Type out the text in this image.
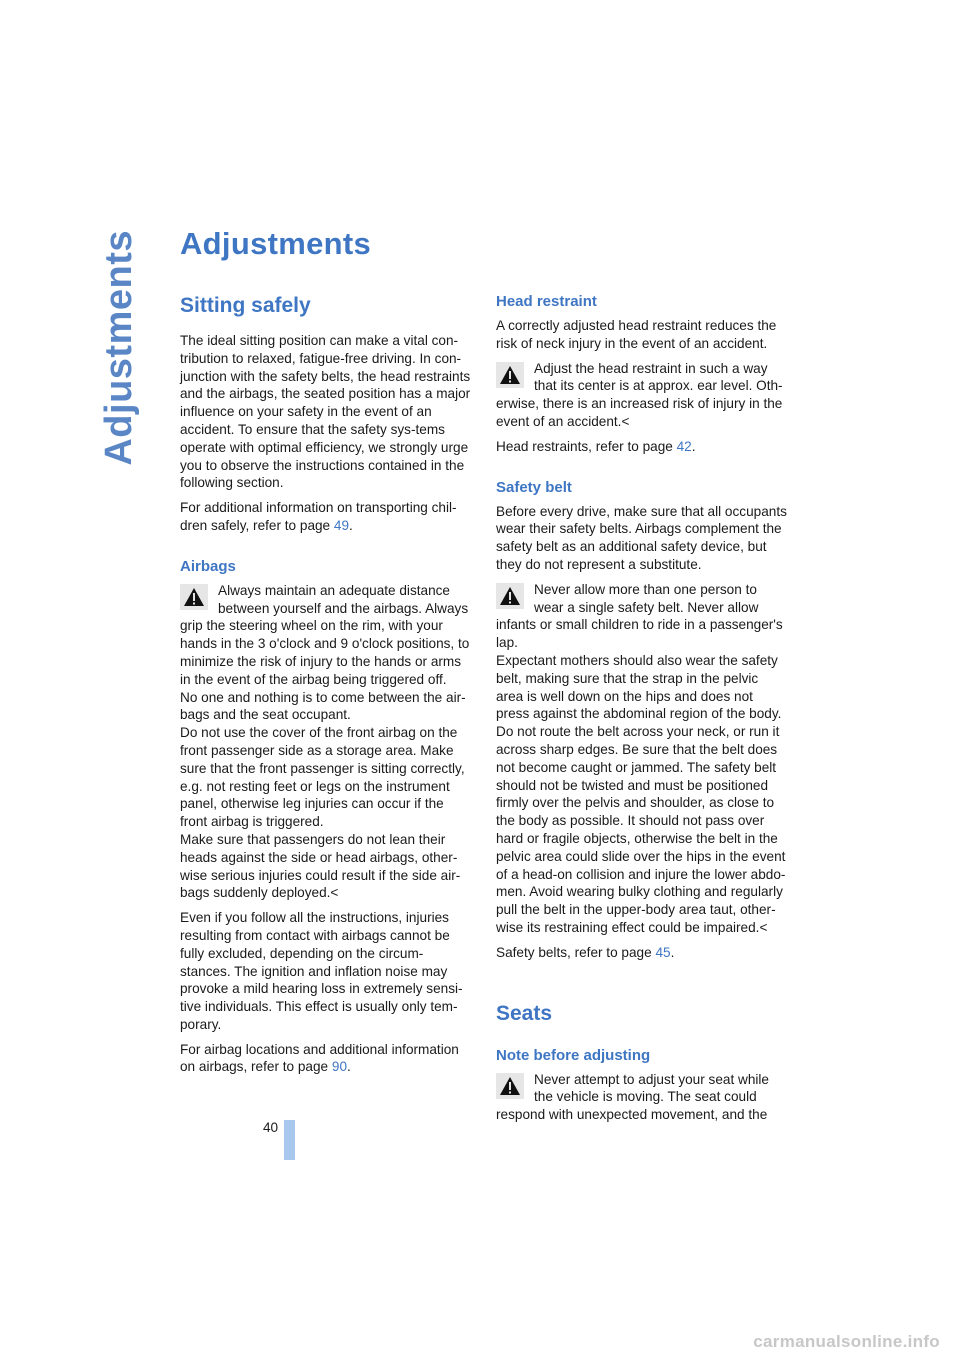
Adjustments Adjustments
Sitting safely

The ideal sitting position can make a vital con-tribution to relaxed, fatigue-free driving. In con-junction with the safety belts, the head restraints and the airbags, the seated position has a major influence on your safety in the event of an accident. To ensure that the safety sys-tems operate with optimal efficiency, we strongly urge you to observe the instructions contained in the following section.

For additional information on transporting chil-dren safely, refer to page 49.

Airbags
Always maintain an adequate distance between yourself and the airbags. Always grip the steering wheel on the rim, with your hands in the 3 o'clock and 9 o'clock positions, to minimize the risk of injury to the hands or arms in the event of the airbag being triggered off.
No one and nothing is to come between the air-bags and the seat occupant.
Do not use the cover of the front airbag on the front passenger side as a storage area. Make sure that the front passenger is sitting correctly, e.g. not resting feet or legs on the instrument panel, otherwise leg injuries can occur if the front airbag is triggered.
Make sure that passengers do not lean their heads against the side or head airbags, other-wise serious injuries could result if the side air-bags suddenly deployed.<

Even if you follow all the instructions, injuries resulting from contact with airbags cannot be fully excluded, depending on the circum-stances. The ignition and inflation noise may provoke a mild hearing loss in extremely sensi-tive individuals. This effect is usually only tem-porary.

For airbag locations and additional information on airbags, refer to page 90.

Head restraint

A correctly adjusted head restraint reduces the risk of neck injury in the event of an accident.

Adjust the head restraint in such a way that its center is at approx. ear level. Oth-erwise, there is an increased risk of injury in the event of an accident.<

Head restraints, refer to page 42.

Safety belt

Before every drive, make sure that all occupants wear their safety belts. Airbags complement the safety belt as an additional safety device, but they do not represent a substitute.

Never allow more than one person to wear a single safety belt. Never allow infants or small children to ride in a passenger's lap.
Expectant mothers should also wear the safety belt, making sure that the strap in the pelvic area is well down on the hips and does not press against the abdominal region of the body.
Do not route the belt across your neck, or run it across sharp edges. Be sure that the belt does not become caught or jammed. The safety belt should not be twisted and must be positioned firmly over the pelvis and shoulder, as close to the body as possible. It should not pass over hard or fragile objects, otherwise the belt in the pelvic area could slide over the hips in the event of a head-on collision and injure the lower abdo-men. Avoid wearing bulky clothing and regularly pull the belt in the upper-body area taut, other-wise its restraining effect could be impaired.<

Safety belts, refer to page 45.

Seats
Note before adjusting
Never attempt to adjust your seat while the vehicle is moving. The seat could respond with unexpected movement, and the
40
carmanualsonline.info
